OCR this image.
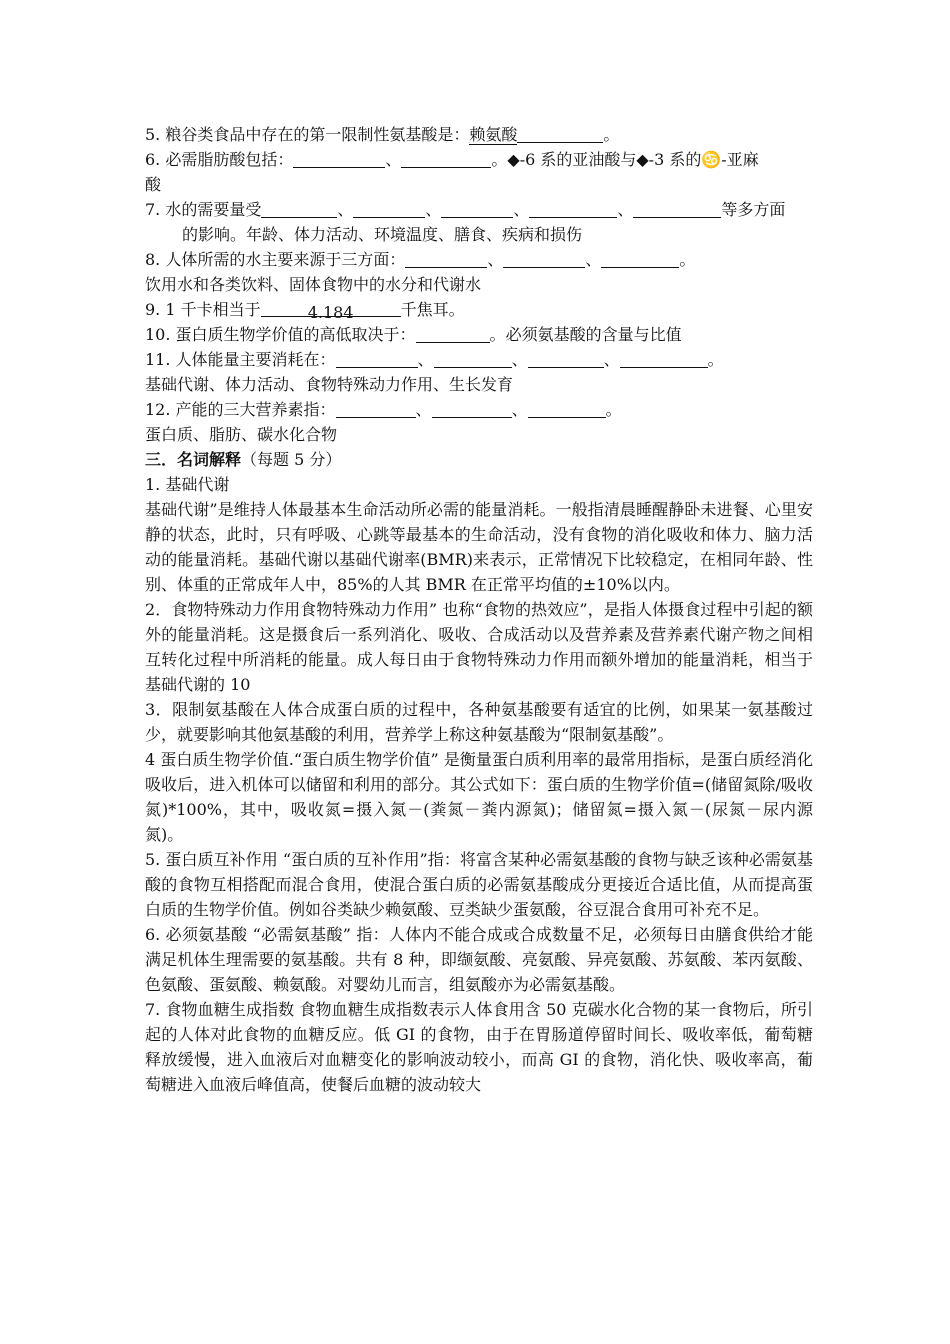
5. 粮谷类食品中存在的第一限制性氨基酸是：赖氨酸	。
6. 必需脂肪酸包括：	、	。◆-6 系的亚油酸与◆-3 系的♋-亚麻
酸
7. 水的需要量受	、	、	、	、	等多方面
的影响。年龄、体力活动、环境温度、膳食、疾病和损伤
8. 人体所需的水主要来源于三方面：	、	、	。
饮用水和各类饮料、固体食物中的水分和代谢水
9. 1 千卡相当于	4.184	千焦耳。
10. 蛋白质生物学价值的高低取决于：	。必须氨基酸的含量与比值
11. 人体能量主要消耗在：	、	、	、	。
基础代谢、体力活动、食物特殊动力作用、生长发育
12. 产能的三大营养素指：	、	、	。
蛋白质、脂肪、碳水化合物
三．名词解释（每题 5 分）
1. 基础代谢
基础代谢”是维持人体最基本生命活动所必需的能量消耗。一般指清晨睡醒静卧未进餐、心里安静的状态，此时，只有呼吸、心跳等最基本的生命活动，没有食物的消化吸收和体力、脑力活动的能量消耗。基础代谢以基础代谢率(BMR)来表示，正常情况下比较稳定，在相同年龄、性别、体重的正常成年人中，85%的人其 BMR 在正常平均值的±10%以内。
2．食物特殊动力作用食物特殊动力作用” 也称“食物的热效应”，是指人体摄食过程中引起的额外的能量消耗。这是摄食后一系列消化、吸收、合成活动以及营养素及营养素代谢产物之间相互转化过程中所消耗的能量。成人每日由于食物特殊动力作用而额外增加的能量消耗，相当于基础代谢的 10
3．限制氨基酸在人体合成蛋白质的过程中，各种氨基酸要有适宜的比例，如果某一氨基酸过少，就要影响其他氨基酸的利用，营养学上称这种氨基酸为“限制氨基酸”。
4 蛋白质生物学价值.“蛋白质生物学价值” 是衡量蛋白质利用率的最常用指标，是蛋白质经消化吸收后，进入机体可以储留和利用的部分。其公式如下：蛋白质的生物学价值=(储留氮除/吸收氮)*100%，其中，吸收氮=摄入氮－(粪氮－粪内源氮)；储留氮=摄入氮－(尿氮－尿内源氮)。
5. 蛋白质互补作用 “蛋白质的互补作用”指：将富含某种必需氨基酸的食物与缺乏该种必需氨基酸的食物互相搭配而混合食用，使混合蛋白质的必需氨基酸成分更接近合适比值，从而提高蛋白质的生物学价值。例如谷类缺少赖氨酸、豆类缺少蛋氨酸，谷豆混合食用可补充不足。
6. 必须氨基酸 “必需氨基酸” 指：人体内不能合成或合成数量不足，必须每日由膳食供给才能满足机体生理需要的氨基酸。共有 8 种，即缬氨酸、亮氨酸、异亮氨酸、苏氨酸、苯丙氨酸、色氨酸、蛋氨酸、赖氨酸。对婴幼儿而言，组氨酸亦为必需氨基酸。
7. 食物血糖生成指数 食物血糖生成指数表示人体食用含 50 克碳水化合物的某一食物后，所引起的人体对此食物的血糖反应。低 GI 的食物，由于在胃肠道停留时间长、吸收率低，葡萄糖释放缓慢，进入血液后对血糖变化的影响波动较小，而高 GI 的食物，消化快、吸收率高，葡萄糖进入血液后峰值高，使餐后血糖的波动较大
